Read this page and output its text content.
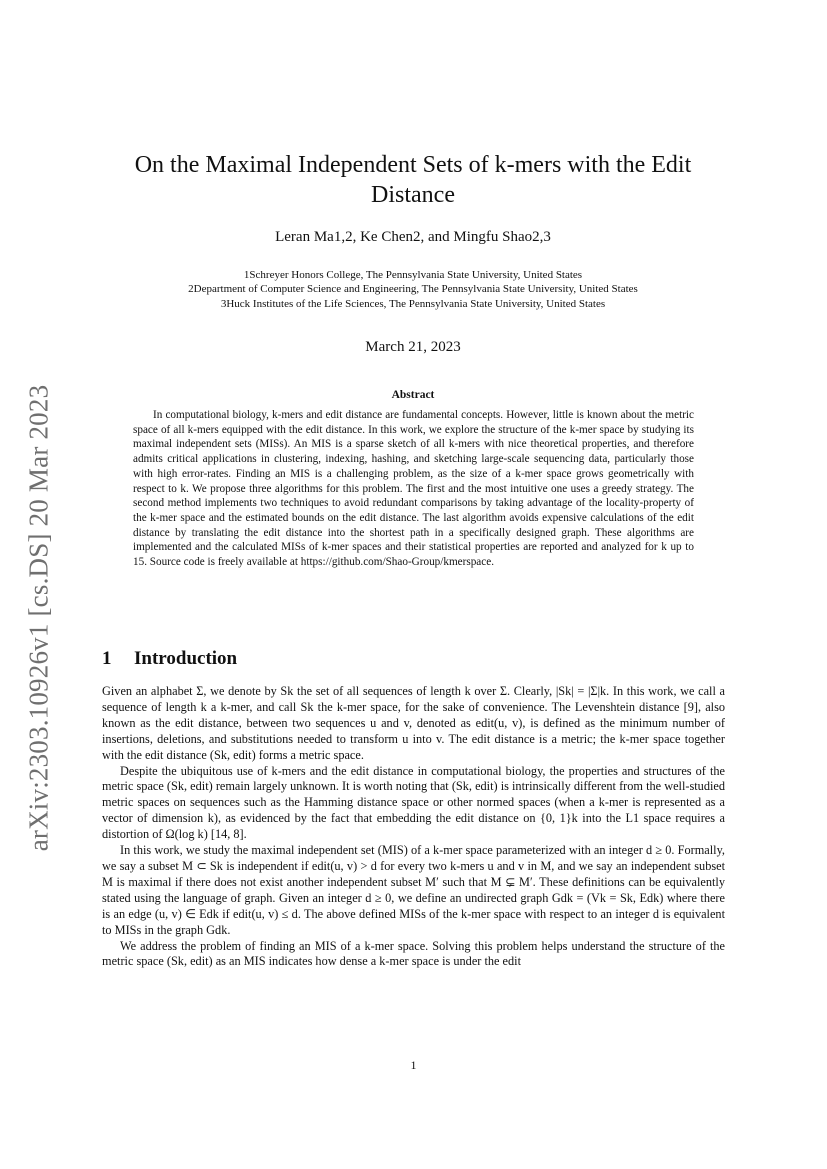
arXiv:2303.10926v1 [cs.DS] 20 Mar 2023
On the Maximal Independent Sets of k-mers with the Edit Distance
Leran Ma1,2, Ke Chen2, and Mingfu Shao2,3
1Schreyer Honors College, The Pennsylvania State University, United States
2Department of Computer Science and Engineering, The Pennsylvania State University, United States
3Huck Institutes of the Life Sciences, The Pennsylvania State University, United States
March 21, 2023
Abstract
In computational biology, k-mers and edit distance are fundamental concepts. However, little is known about the metric space of all k-mers equipped with the edit distance. In this work, we explore the structure of the k-mer space by studying its maximal independent sets (MISs). An MIS is a sparse sketch of all k-mers with nice theoretical properties, and therefore admits critical applications in clustering, indexing, hashing, and sketching large-scale sequencing data, particularly those with high error-rates. Finding an MIS is a challenging problem, as the size of a k-mer space grows geometrically with respect to k. We propose three algorithms for this problem. The first and the most intuitive one uses a greedy strategy. The second method implements two techniques to avoid redundant comparisons by taking advantage of the locality-property of the k-mer space and the estimated bounds on the edit distance. The last algorithm avoids expensive calculations of the edit distance by translating the edit distance into the shortest path in a specifically designed graph. These algorithms are implemented and the calculated MISs of k-mer spaces and their statistical properties are reported and analyzed for k up to 15. Source code is freely available at https://github.com/Shao-Group/kmerspace.
1 Introduction

Given an alphabet Σ, we denote by Sk the set of all sequences of length k over Σ. Clearly, |Sk| = |Σ|k. In this work, we call a sequence of length k a k-mer, and call Sk the k-mer space, for the sake of convenience. The Levenshtein distance [9], also known as the edit distance, between two sequences u and v, denoted as edit(u, v), is defined as the minimum number of insertions, deletions, and substitutions needed to transform u into v. The edit distance is a metric; the k-mer space together with the edit distance (Sk, edit) forms a metric space.

Despite the ubiquitous use of k-mers and the edit distance in computational biology, the properties and structures of the metric space (Sk, edit) remain largely unknown. It is worth noting that (Sk, edit) is intrinsically different from the well-studied metric spaces on sequences such as the Hamming distance space or other normed spaces (when a k-mer is represented as a vector of dimension k), as evidenced by the fact that embedding the edit distance on {0, 1}k into the L1 space requires a distortion of Ω(log k) [14, 8].

In this work, we study the maximal independent set (MIS) of a k-mer space parameterized with an integer d ≥ 0. Formally, we say a subset M ⊂ Sk is independent if edit(u, v) > d for every two k-mers u and v in M, and we say an independent subset M is maximal if there does not exist another independent subset M′ such that M ⊊ M′. These definitions can be equivalently stated using the language of graph. Given an integer d ≥ 0, we define an undirected graph Gdk = (Vk = Sk, Edk) where there is an edge (u, v) ∈ Edk if edit(u, v) ≤ d. The above defined MISs of the k-mer space with respect to an integer d is equivalent to MISs in the graph Gdk.

We address the problem of finding an MIS of a k-mer space. Solving this problem helps understand the structure of the metric space (Sk, edit) as an MIS indicates how dense a k-mer space is under the edit

1
